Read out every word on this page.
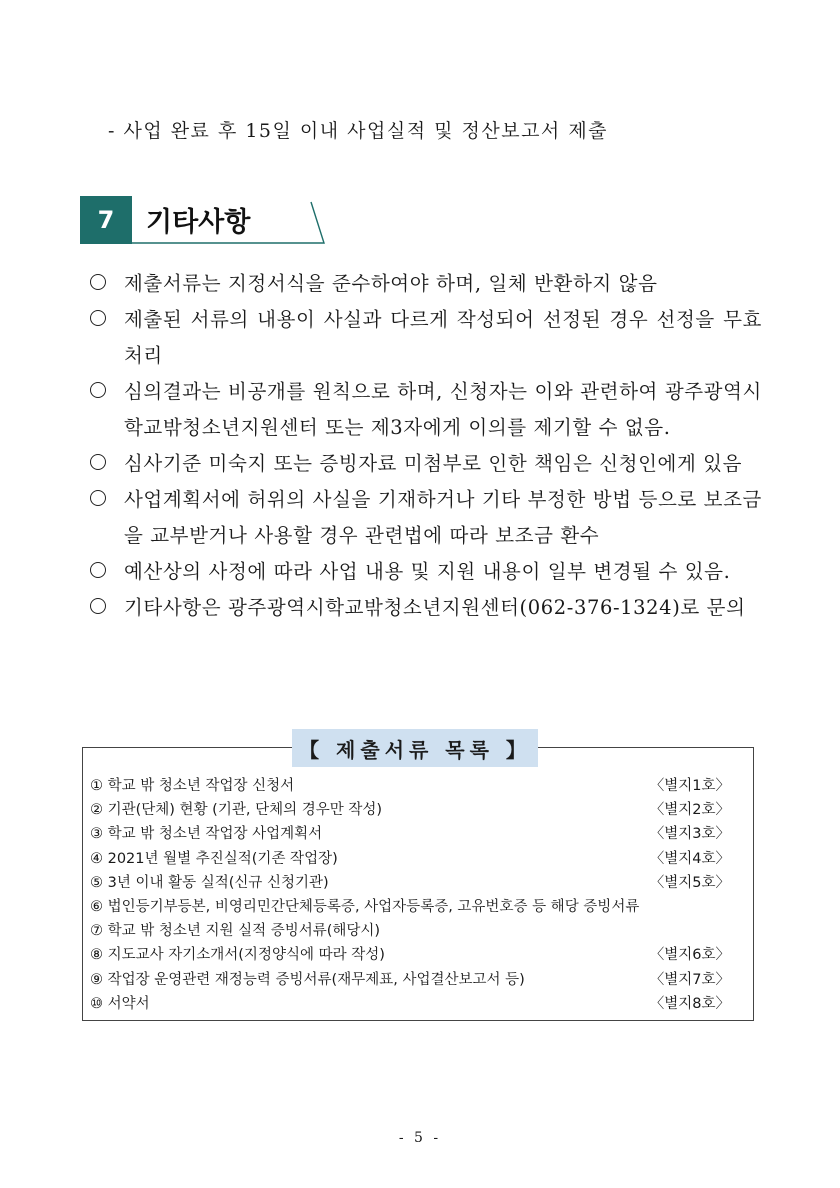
- 사업 완료 후 15일 이내 사업실적 및 정산보고서 제출
7	기타사항
제출서류는 지정서식을 준수하여야 하며, 일체 반환하지 않음
제출된 서류의 내용이 사실과 다르게 작성되어 선정된 경우 선정을 무효 처리
심의결과는 비공개를 원칙으로 하며, 신청자는 이와 관련하여 광주광역시학교밖청소년지원센터 또는 제3자에게 이의를 제기할 수 없음.
심사기준 미숙지 또는 증빙자료 미첨부로 인한 책임은 신청인에게 있음
사업계획서에 허위의 사실을 기재하거나 기타 부정한 방법 등으로 보조금을 교부받거나 사용할 경우 관련법에 따라 보조금 환수
예산상의 사정에 따라 사업 내용 및 지원 내용이 일부 변경될 수 있음.
기타사항은 광주광역시학교밖청소년지원센터(062-376-1324)로 문의
【 제출서류 목록 】
① 학교 밖 청소년 작업장 신청서	〈별지1호〉
② 기관(단체) 현황 (기관, 단체의 경우만 작성)	〈별지2호〉
③ 학교 밖 청소년 작업장 사업계획서	〈별지3호〉
④ 2021년 월별 추진실적(기존 작업장)	〈별지4호〉
⑤ 3년 이내 활동 실적(신규 신청기관)	〈별지5호〉
⑥ 법인등기부등본, 비영리민간단체등록증, 사업자등록증, 고유번호증 등 해당 증빙서류
⑦ 학교 밖 청소년 지원 실적 증빙서류(해당시)
⑧ 지도교사 자기소개서(지정양식에 따라 작성)	〈별지6호〉
⑨ 작업장 운영관련 재정능력 증빙서류(재무제표, 사업결산보고서 등)	〈별지7호〉
⑩ 서약서	〈별지8호〉
- 5 -
